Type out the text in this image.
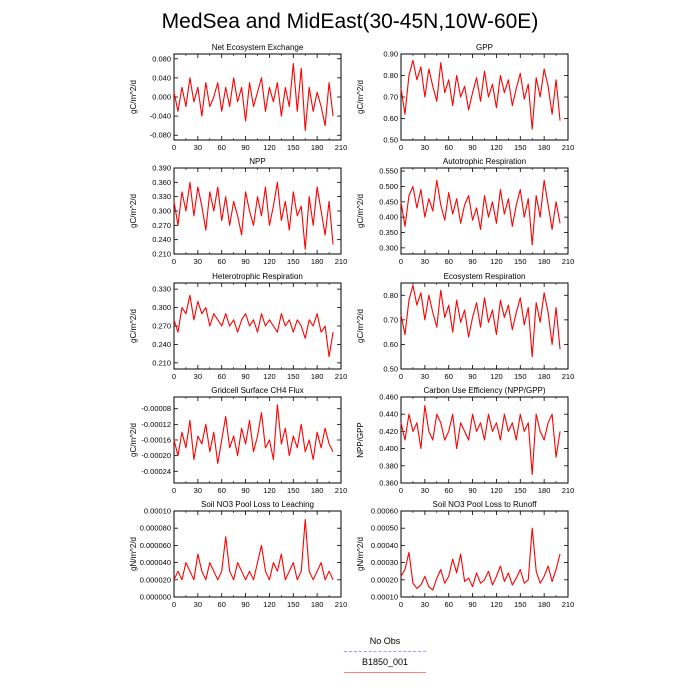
MedSea and MidEast(30-45N,10W-60E)
Net Ecosystem Exchange
0 30 60 90 120 150 180 210
-0.080
-0.040
0.000
0.040
0.080
gC/m^2/d
GPP
0 30 60 90 120 150 180 210
0.50
0.60
0.70
0.80
0.90
gC/m^2/d
NPP
0 30 60 90 120 150 180 210
0.210
0.240
0.270
0.300
0.330
0.360
0.390
gC/m^2/d
Autotrophic Respiration
0 30 60 90 120 150 180 210
0.300
0.350
0.400
0.450
0.500
0.550
gC/m^2/d
Heterotrophic Respiration
0 30 60 90 120 150 180 210
0.210
0.240
0.270
0.300
0.330
gC/m^2/d
Ecosystem Respiration
0 30 60 90 120 150 180 210
0.50
0.60
0.70
0.80
gC/m^2/d
Gridcell Surface CH4 Flux
0 30 60 90 120 150 180 210
-0.00024
-0.00020
-0.00016
-0.00012
-0.00008
gC/m^2/d
Carbon Use Efficiency (NPP/GPP)
0 30 60 90 120 150 180 210
0.360
0.380
0.400
0.420
0.440
0.460
NPP/GPP
Soil NO3 Pool Loss to Leaching
0 30 60 90 120 150 180 210
0.000000
0.000020
0.000040
0.000060
0.000080
0.00010
gN/m^2/d
Soil NO3 Pool Loss to Runoff
0 30 60 90 120 150 180 210
0.00010
0.00020
0.00030
0.00040
0.00050
0.00060
gN/m^2/d
No Obs
B1850_001
